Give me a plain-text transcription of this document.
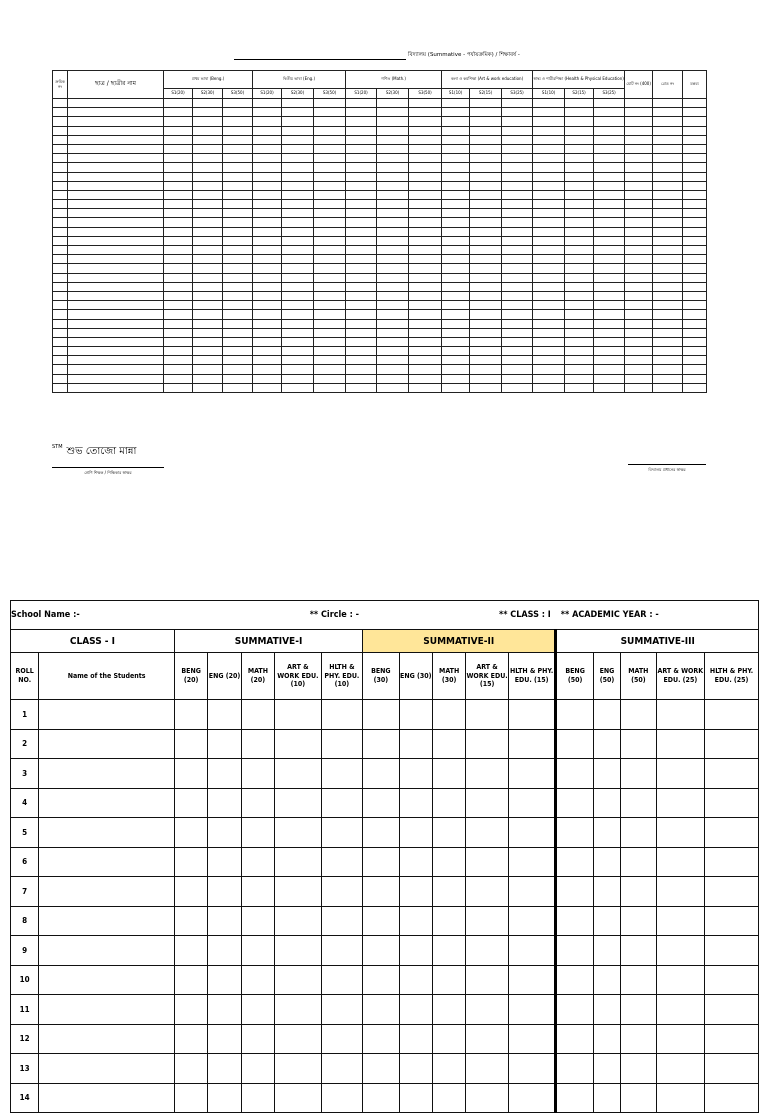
বিদ্যালয় (Summative - পর্যায়ক্রমিক) / শিক্ষাবর্ষ -
ক্রমিক নং	ছাত্র / ছাত্রীর নাম	প্রথম ভাষা (Beng.)			দ্বিতীয় ভাষা (Eng.)			গণিত (Math.)			কলা ও কর্মশিক্ষা (Art & work education)			স্বাস্থ্য ও শারীরশিক্ষা (Health & Physical Education)			মোট নং (400)	গ্রেড নং	মন্তব্য
		S1(20)	S2(30)	S3(50)	S1(20)	S2(30)	S3(50)	S1(20)	S2(30)	S3(50)	S1(10)	S2(15)	S3(25)	S1(10)	S2(15)	S3(25)			

$^{STM}$ শুভ তোজো মান্না
শ্রেণি শিক্ষক / শিক্ষিকার স্বাক্ষর
বিদ্যালয় প্রধানের স্বাক্ষর
School Name :- ** Circle : - ** CLASS : I ** ACADEMIC YEAR : -																
CLASS - I		SUMMATIVE-I					SUMMATIVE-II					SUMMATIVE-III				
ROLL NO.	Name of the Students	BENG (20)	ENG (20)	MATH (20)	ART & WORK EDU. (10)	HLTH & PHY. EDU. (10)	BENG (30)	ENG (30)	MATH (30)	ART & WORK EDU. (15)	HLTH & PHY. EDU. (15)	BENG (50)	ENG (50)	MATH (50)	ART & WORK EDU. (25)	HLTH & PHY. EDU. (25)
1																
2																
3																
4																
5																
6																
7																
8																
9																
10																
11																
12																
13																
14																
